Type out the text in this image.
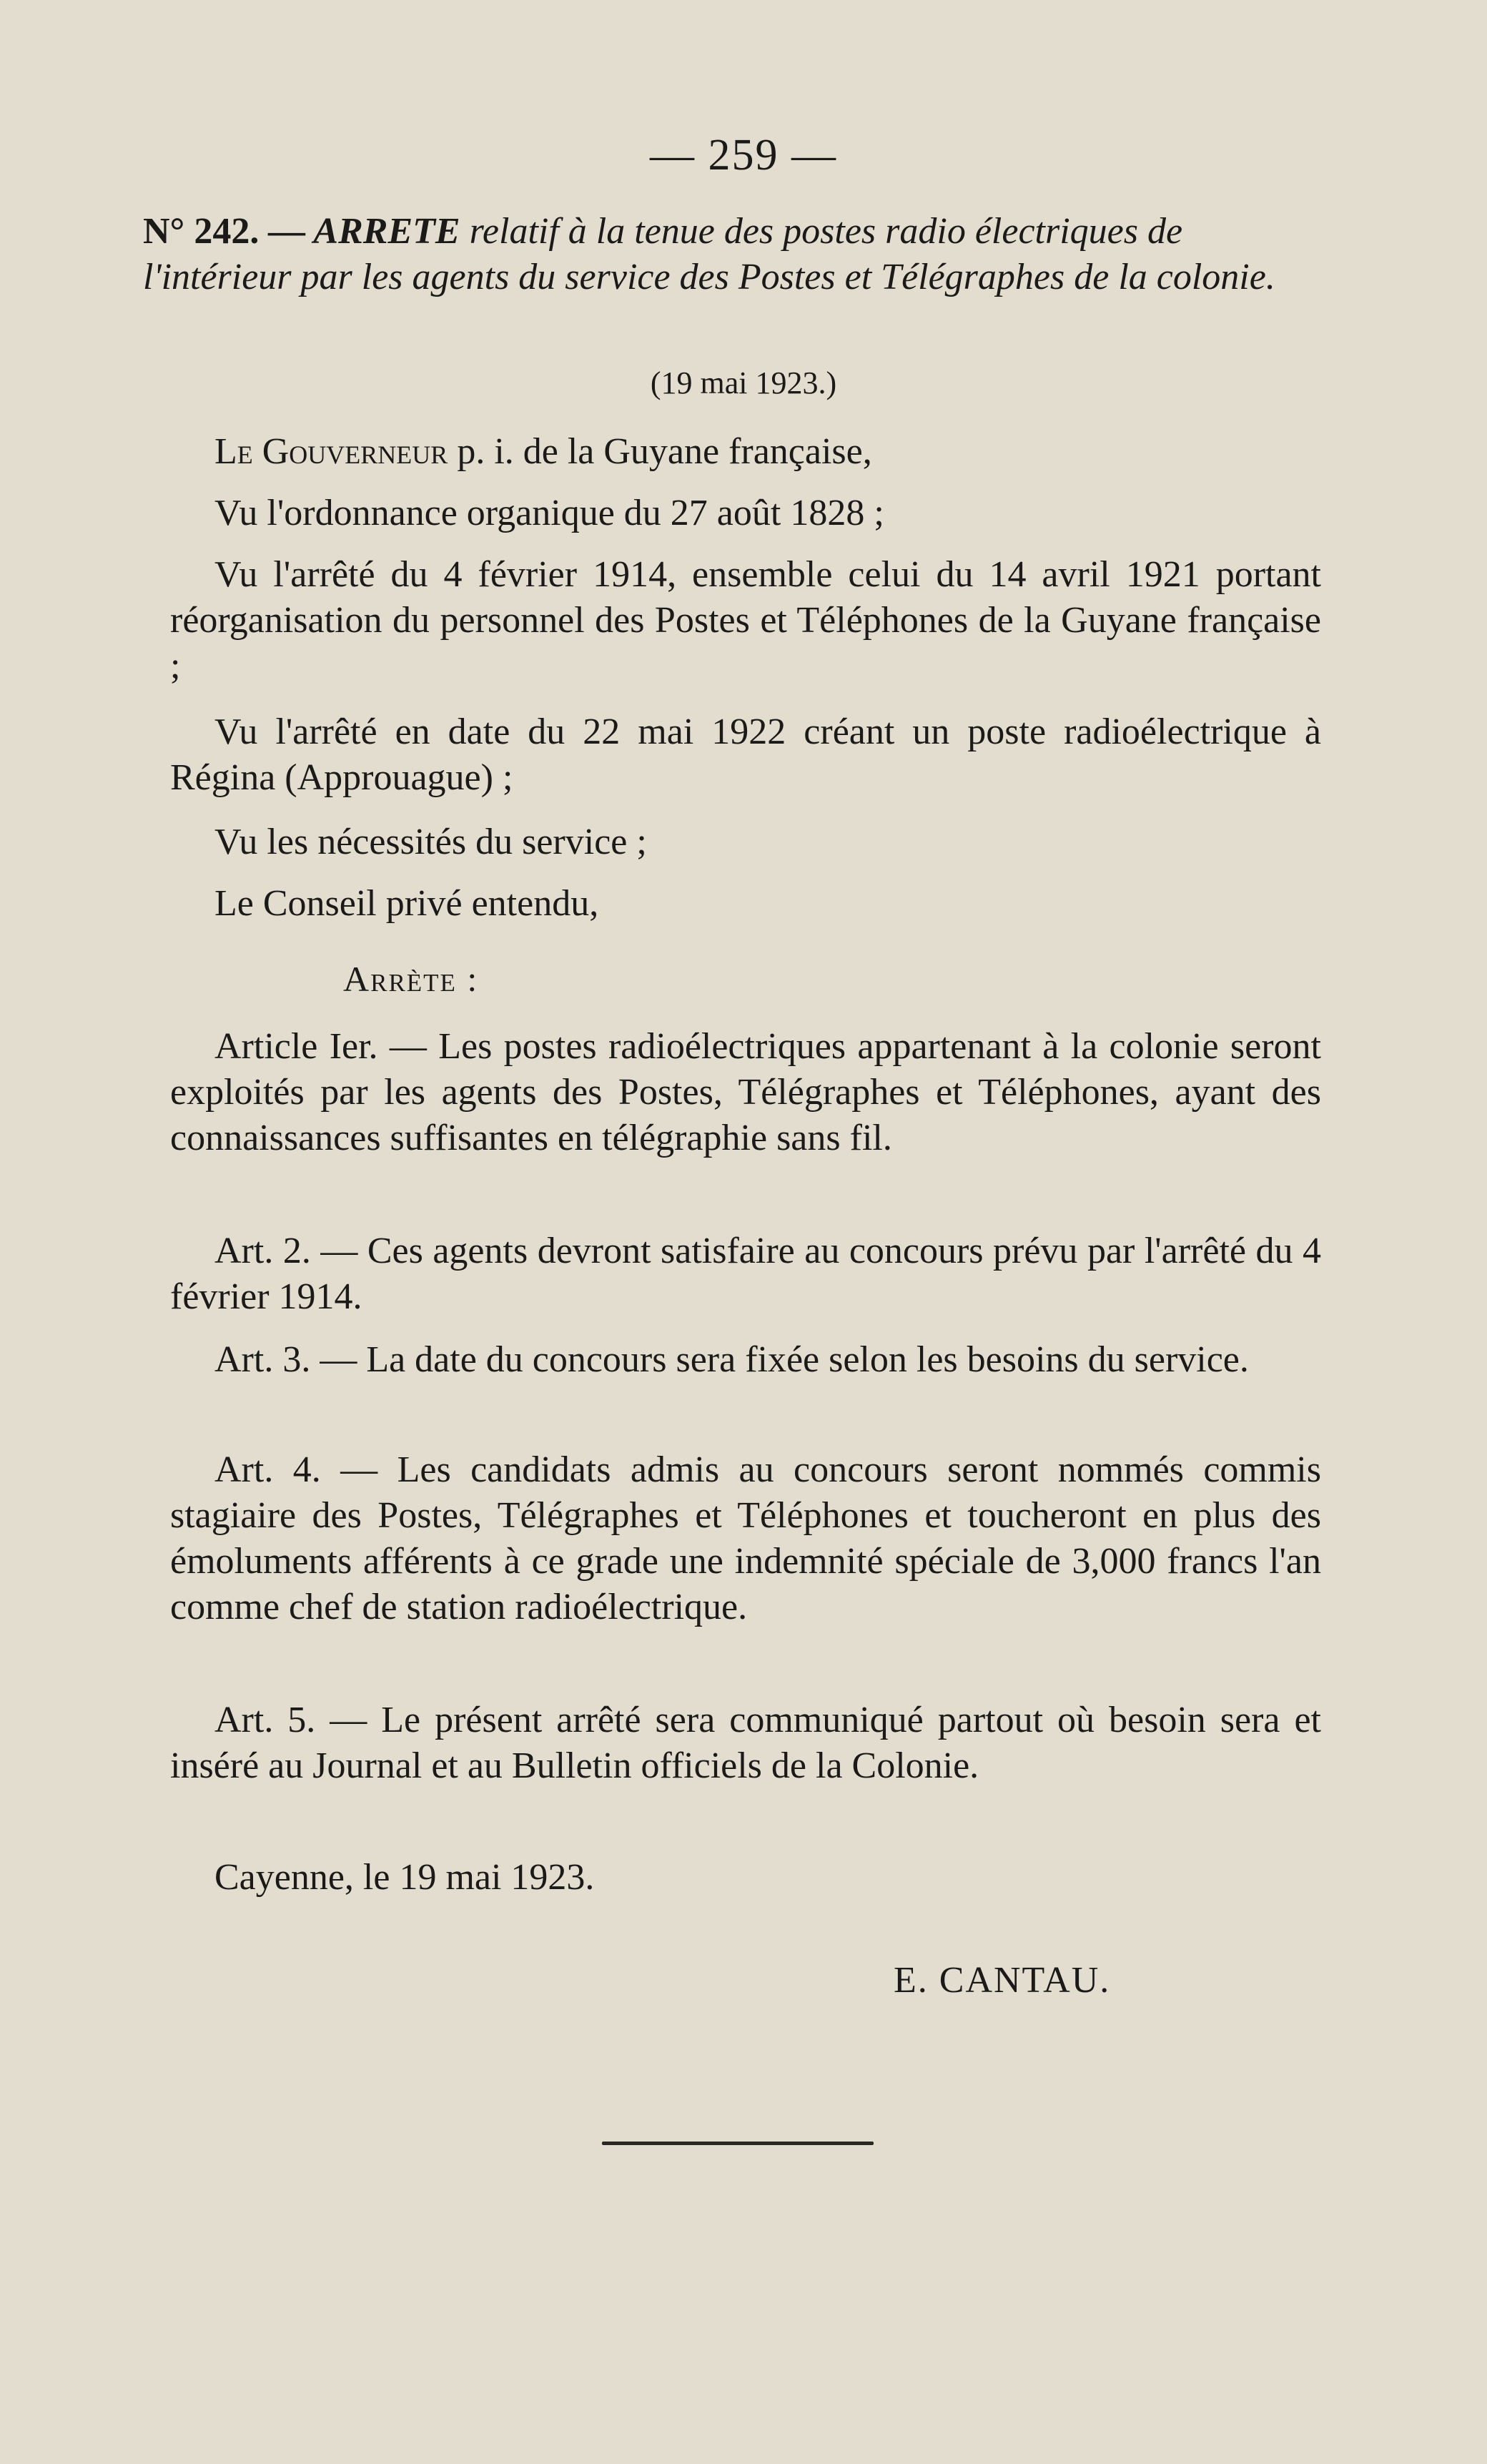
— 259 —
N° 242. — ARRETE relatif à la tenue des postes radio électriques de l'intérieur par les agents du service des Postes et Télégraphes de la colonie.
(19 mai 1923.)

Le Gouverneur p. i. de la Guyane française,

Vu l'ordonnance organique du 27 août 1828 ;

Vu l'arrêté du 4 février 1914, ensemble celui du 14 avril 1921 portant réorganisation du personnel des Postes et Téléphones de la Guyane française ;

Vu l'arrêté en date du 22 mai 1922 créant un poste radioélectrique à Régina (Approuague) ;

Vu les nécessités du service ;

Le Conseil privé entendu,

Arrète :

Article Ier. — Les postes radioélectriques appartenant à la colonie seront exploités par les agents des Postes, Télégraphes et Téléphones, ayant des connaissances suffisantes en télégraphie sans fil.

Art. 2. — Ces agents devront satisfaire au concours prévu par l'arrêté du 4 février 1914.

Art. 3. — La date du concours sera fixée selon les besoins du service.

Art. 4. — Les candidats admis au concours seront nommés commis stagiaire des Postes, Télégraphes et Téléphones et toucheront en plus des émoluments afférents à ce grade une indemnité spéciale de 3,000 francs l'an comme chef de station radioélectrique.

Art. 5. — Le présent arrêté sera communiqué partout où besoin sera et inséré au Journal et au Bulletin officiels de la Colonie.

Cayenne, le 19 mai 1923.

E. CANTAU.
